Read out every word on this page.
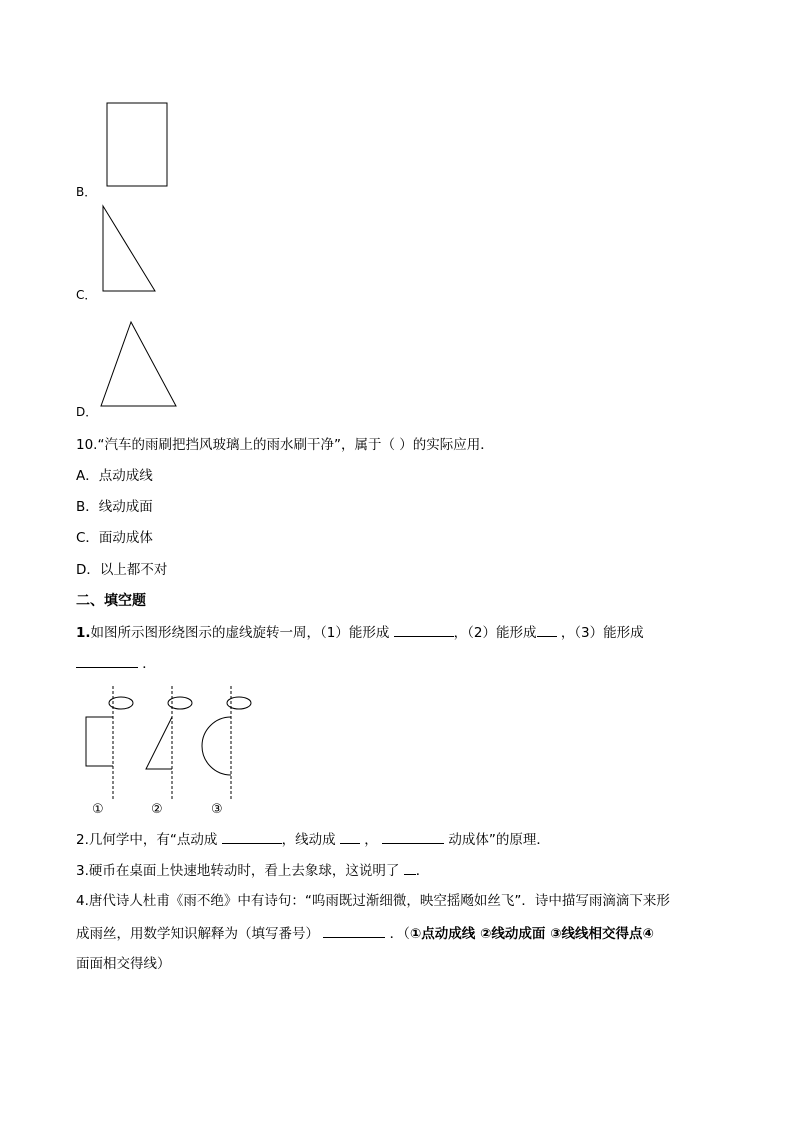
B．
C．
D．
10.“汽车的雨刷把挡风玻璃上的雨水刷干净”，属于（ ）的实际应用．
A．点动成线
B．线动成面
C．面动成体
D．以上都不对
二、填空题
1.如图所示图形绕图示的虚线旋转一周，（1）能形成	，（2）能形成 ，（3）能形成
．
①	②	③
2.几何学中，有“点动成	，线动成 ，	动成体”的原理．
3.硬币在桌面上快速地转动时，看上去象球，这说明了 ．
4.唐代诗人杜甫《雨不绝》中有诗句：“呜雨既过渐细微，映空摇飏如丝飞”．诗中描写雨滴滴下来形
成雨丝，用数学知识解释为（填写番号）	．（①点动成线 ②线动成面 ③线线相交得点④
面面相交得线）
